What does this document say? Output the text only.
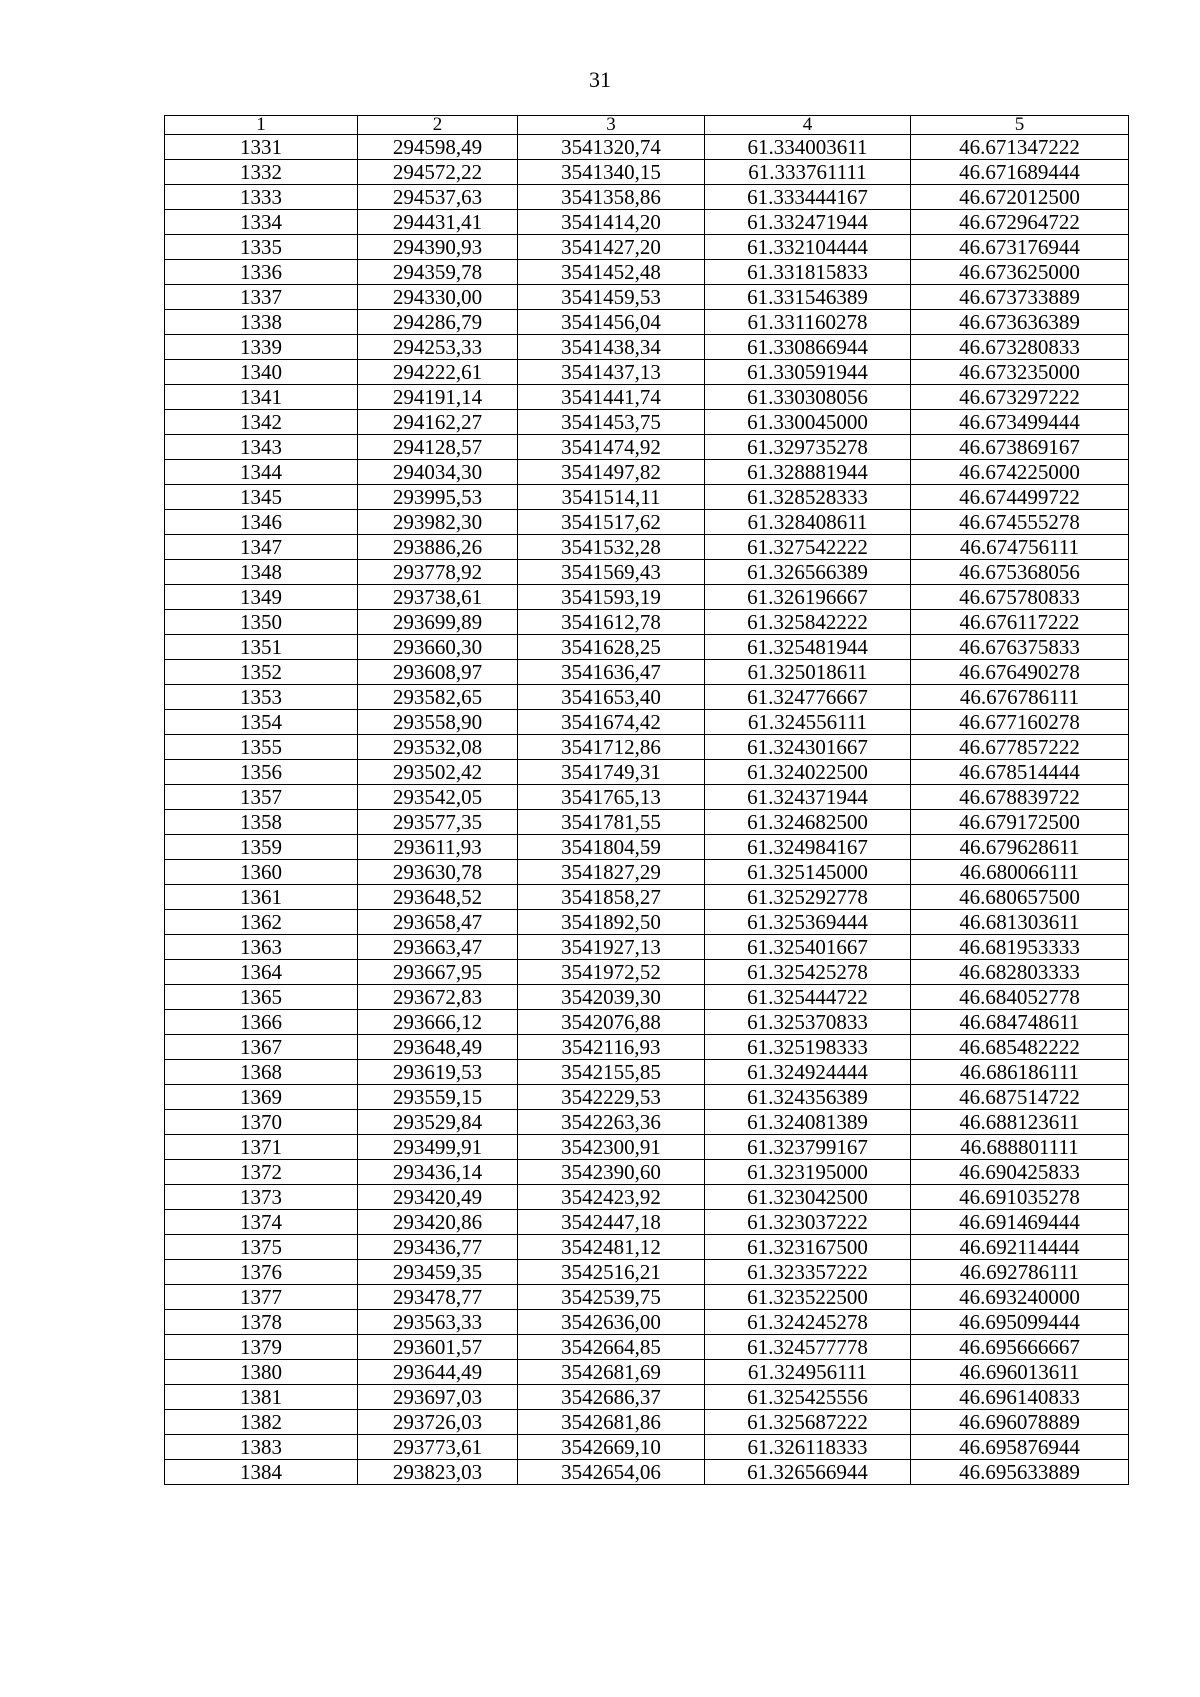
31
1	2	3	4	5
1331	294598,49	3541320,74	61.334003611	46.671347222
1332	294572,22	3541340,15	61.333761111	46.671689444
1333	294537,63	3541358,86	61.333444167	46.672012500
1334	294431,41	3541414,20	61.332471944	46.672964722
1335	294390,93	3541427,20	61.332104444	46.673176944
1336	294359,78	3541452,48	61.331815833	46.673625000
1337	294330,00	3541459,53	61.331546389	46.673733889
1338	294286,79	3541456,04	61.331160278	46.673636389
1339	294253,33	3541438,34	61.330866944	46.673280833
1340	294222,61	3541437,13	61.330591944	46.673235000
1341	294191,14	3541441,74	61.330308056	46.673297222
1342	294162,27	3541453,75	61.330045000	46.673499444
1343	294128,57	3541474,92	61.329735278	46.673869167
1344	294034,30	3541497,82	61.328881944	46.674225000
1345	293995,53	3541514,11	61.328528333	46.674499722
1346	293982,30	3541517,62	61.328408611	46.674555278
1347	293886,26	3541532,28	61.327542222	46.674756111
1348	293778,92	3541569,43	61.326566389	46.675368056
1349	293738,61	3541593,19	61.326196667	46.675780833
1350	293699,89	3541612,78	61.325842222	46.676117222
1351	293660,30	3541628,25	61.325481944	46.676375833
1352	293608,97	3541636,47	61.325018611	46.676490278
1353	293582,65	3541653,40	61.324776667	46.676786111
1354	293558,90	3541674,42	61.324556111	46.677160278
1355	293532,08	3541712,86	61.324301667	46.677857222
1356	293502,42	3541749,31	61.324022500	46.678514444
1357	293542,05	3541765,13	61.324371944	46.678839722
1358	293577,35	3541781,55	61.324682500	46.679172500
1359	293611,93	3541804,59	61.324984167	46.679628611
1360	293630,78	3541827,29	61.325145000	46.680066111
1361	293648,52	3541858,27	61.325292778	46.680657500
1362	293658,47	3541892,50	61.325369444	46.681303611
1363	293663,47	3541927,13	61.325401667	46.681953333
1364	293667,95	3541972,52	61.325425278	46.682803333
1365	293672,83	3542039,30	61.325444722	46.684052778
1366	293666,12	3542076,88	61.325370833	46.684748611
1367	293648,49	3542116,93	61.325198333	46.685482222
1368	293619,53	3542155,85	61.324924444	46.686186111
1369	293559,15	3542229,53	61.324356389	46.687514722
1370	293529,84	3542263,36	61.324081389	46.688123611
1371	293499,91	3542300,91	61.323799167	46.688801111
1372	293436,14	3542390,60	61.323195000	46.690425833
1373	293420,49	3542423,92	61.323042500	46.691035278
1374	293420,86	3542447,18	61.323037222	46.691469444
1375	293436,77	3542481,12	61.323167500	46.692114444
1376	293459,35	3542516,21	61.323357222	46.692786111
1377	293478,77	3542539,75	61.323522500	46.693240000
1378	293563,33	3542636,00	61.324245278	46.695099444
1379	293601,57	3542664,85	61.324577778	46.695666667
1380	293644,49	3542681,69	61.324956111	46.696013611
1381	293697,03	3542686,37	61.325425556	46.696140833
1382	293726,03	3542681,86	61.325687222	46.696078889
1383	293773,61	3542669,10	61.326118333	46.695876944
1384	293823,03	3542654,06	61.326566944	46.695633889
